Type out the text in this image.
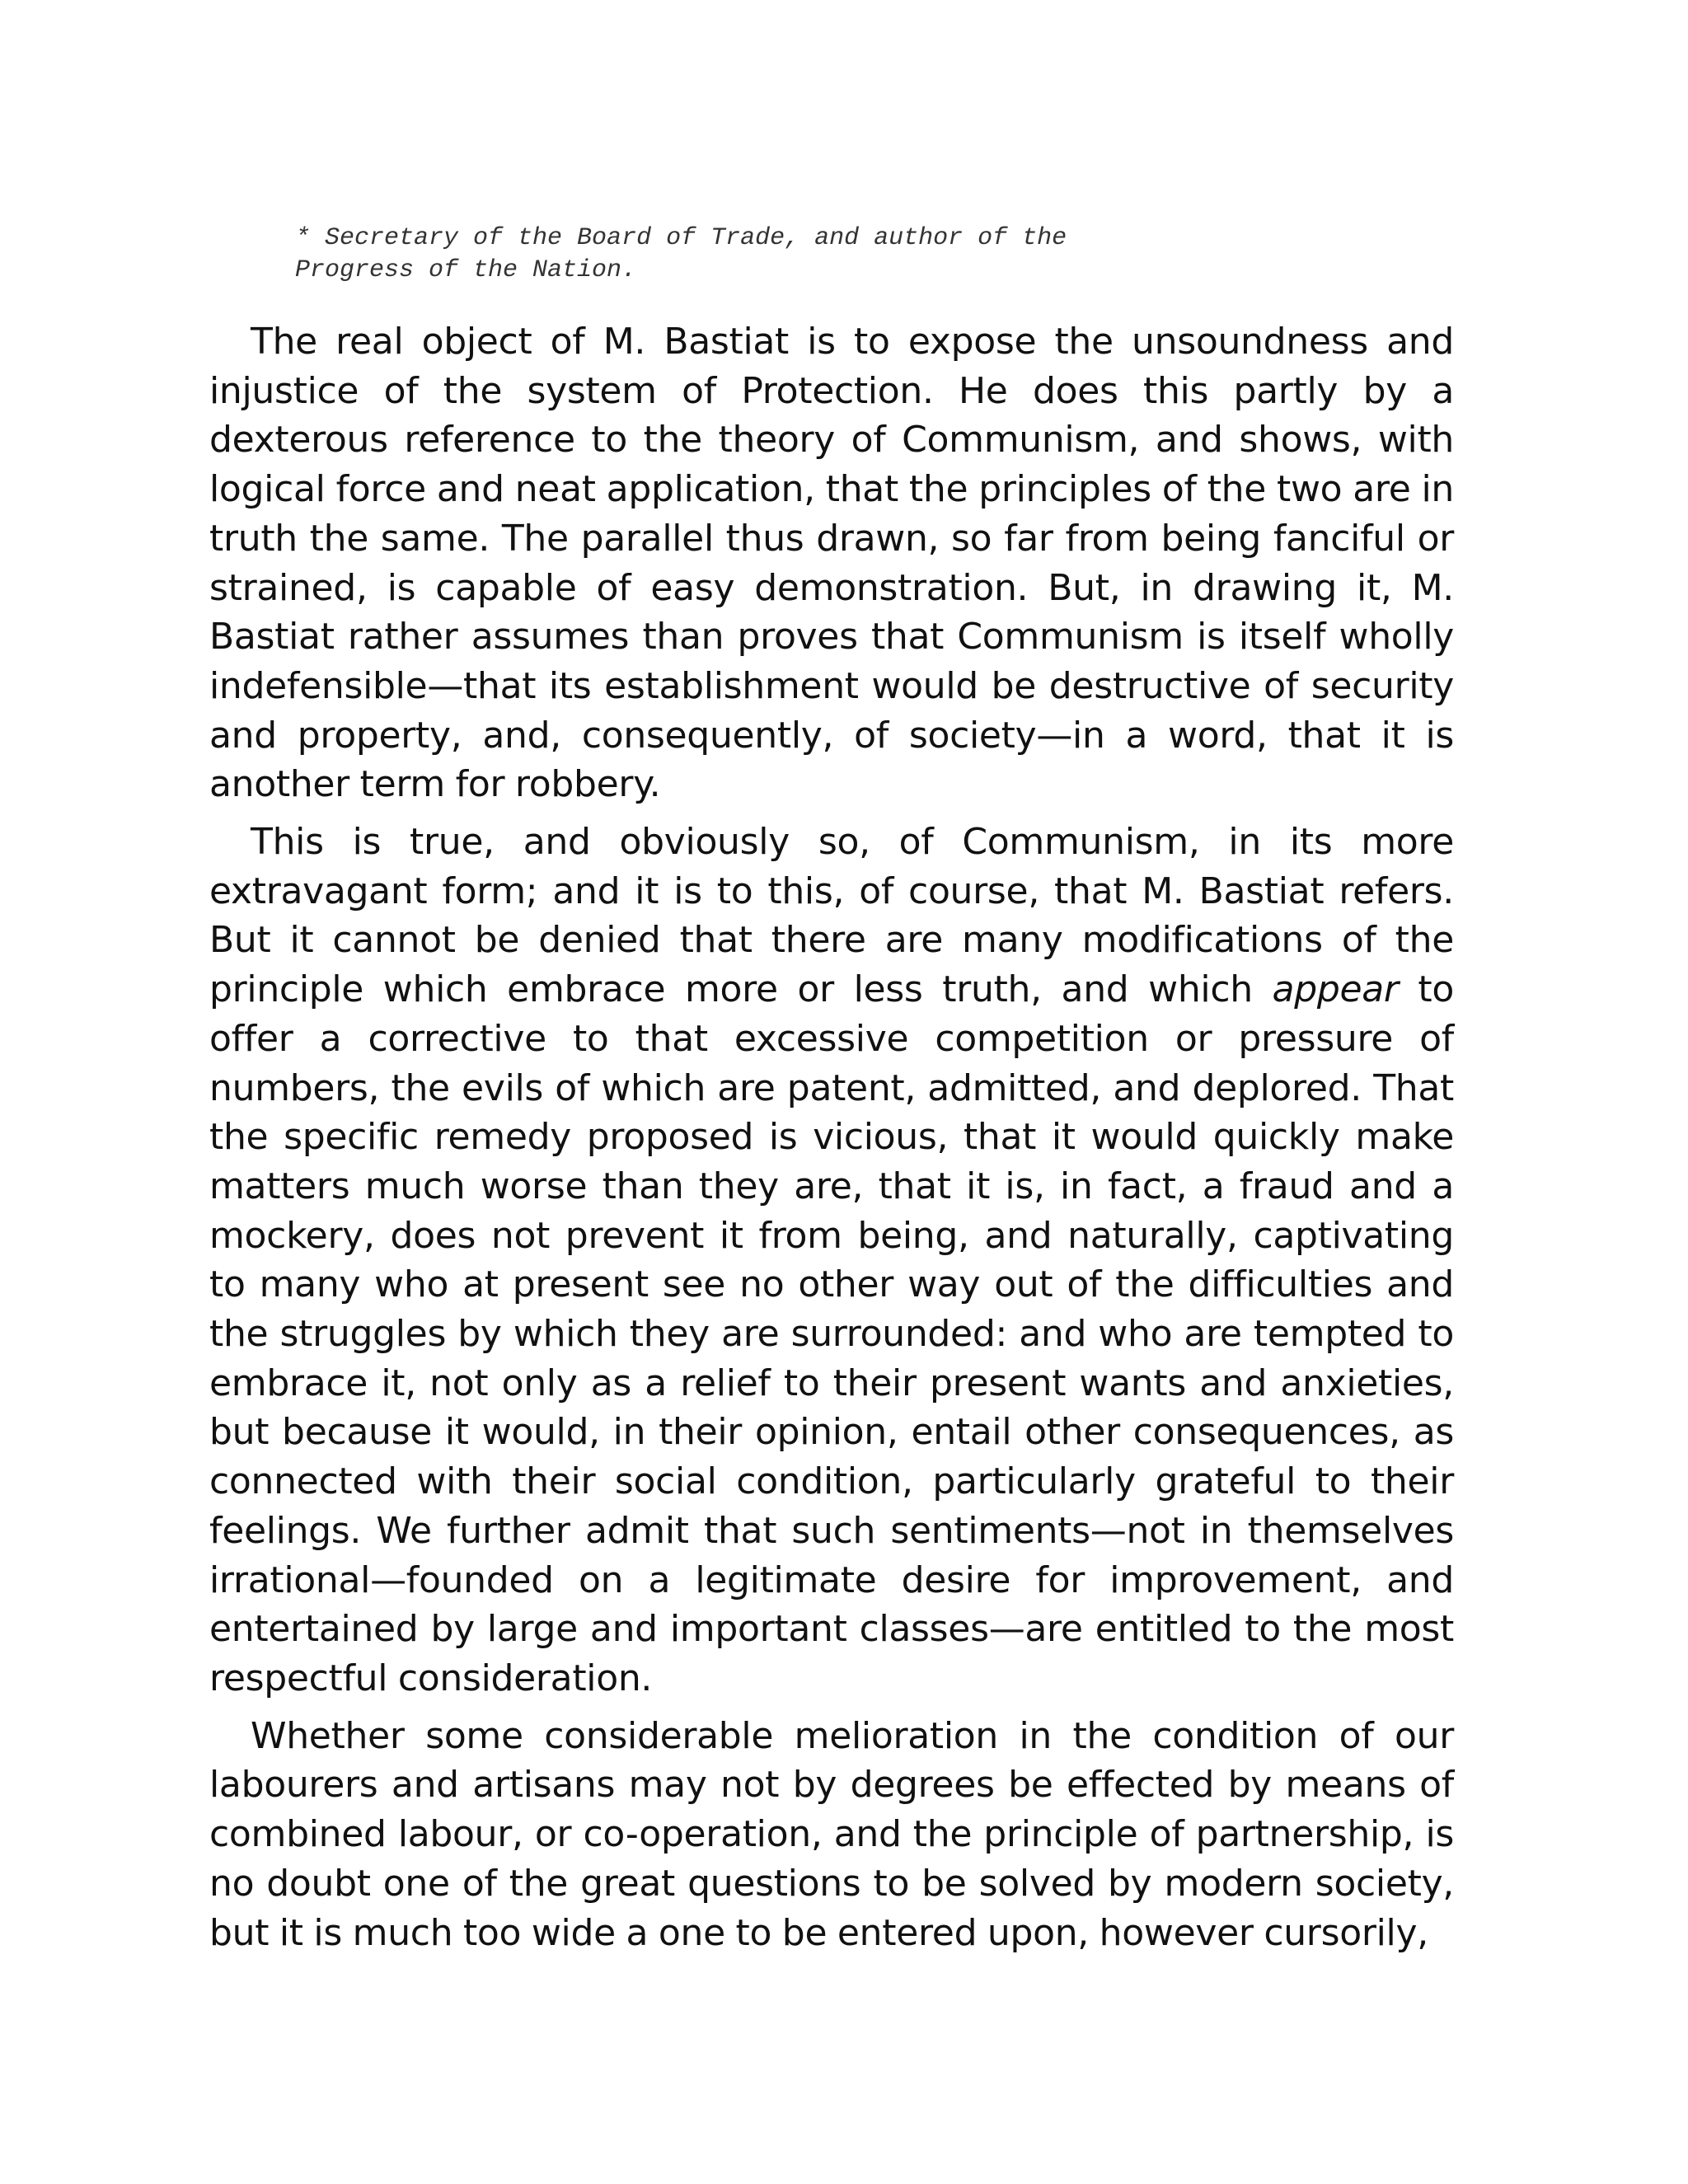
* Secretary of the Board of Trade, and author of the
Progress of the Nation.

The real object of M. Bastiat is to expose the unsoundness and injustice of the system of Protection. He does this partly by a dexterous reference to the theory of Communism, and shows, with logical force and neat application, that the principles of the two are in truth the same. The parallel thus drawn, so far from being fanciful or strained, is capable of easy demonstration. But, in drawing it, M. Bastiat rather assumes than proves that Communism is itself wholly indefensible—that its establishment would be destructive of security and property, and, consequently, of society—in a word, that it is another term for robbery.

This is true, and obviously so, of Communism, in its more extravagant form; and it is to this, of course, that M. Bastiat refers. But it cannot be denied that there are many modifications of the principle which embrace more or less truth, and which appear to offer a corrective to that excessive competition or pressure of numbers, the evils of which are patent, admitted, and deplored. That the specific remedy proposed is vicious, that it would quickly make matters much worse than they are, that it is, in fact, a fraud and a mockery, does not prevent it from being, and naturally, captivating to many who at present see no other way out of the difficulties and the struggles by which they are surrounded: and who are tempted to embrace it, not only as a relief to their present wants and anxieties, but because it would, in their opinion, entail other consequences, as connected with their social condition, particularly grateful to their feelings. We further admit that such sentiments—not in themselves irrational—founded on a legitimate desire for improvement, and entertained by large and important classes—are entitled to the most respectful consideration.

Whether some considerable melioration in the condition of our labourers and artisans may not by degrees be effected by means of combined labour, or co-operation, and the principle of partnership, is no doubt one of the great questions to be solved by modern society, but it is much too wide a one to be entered upon, however cursorily,
